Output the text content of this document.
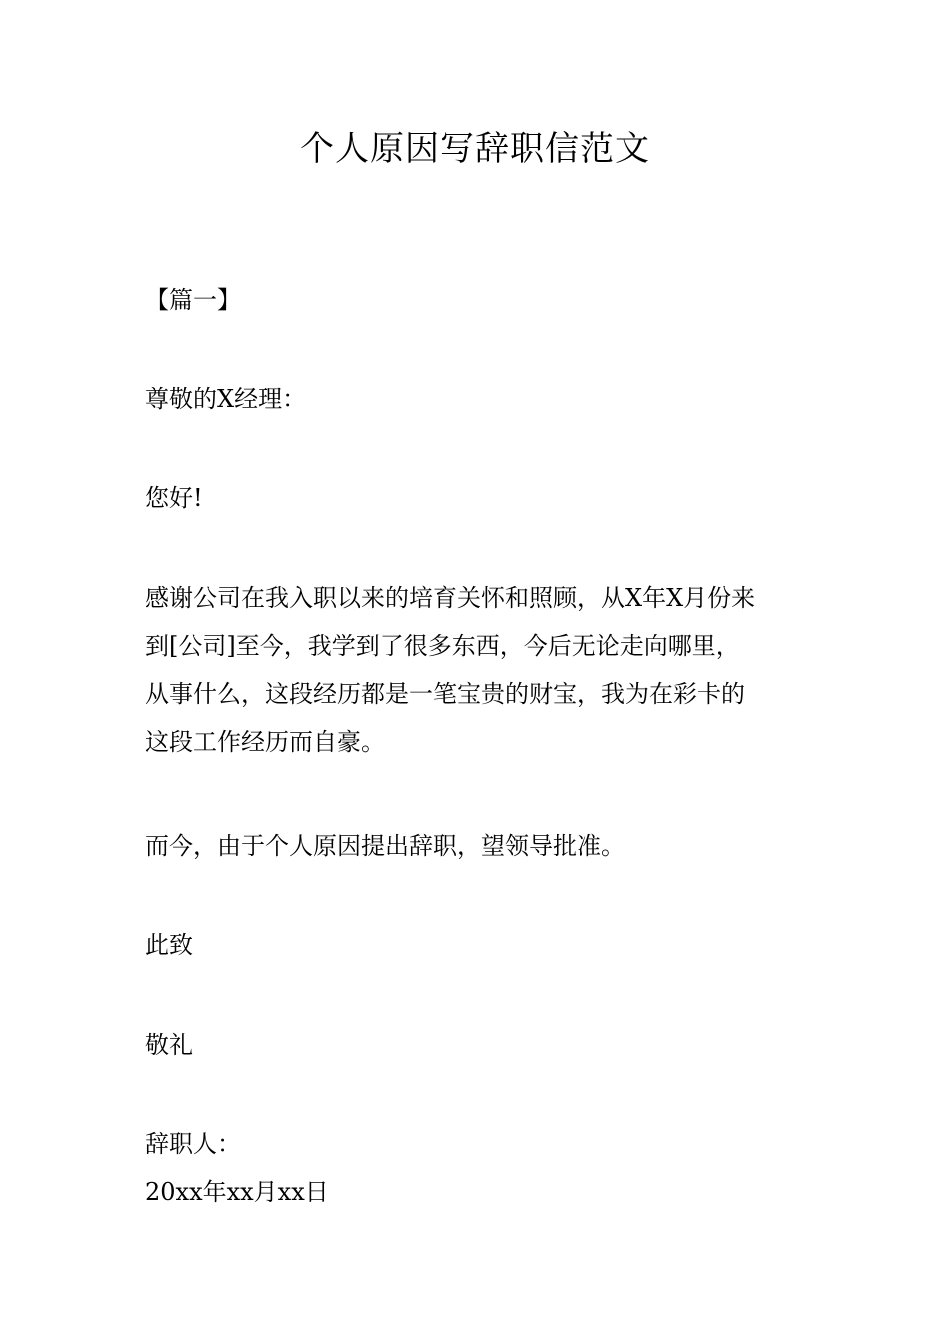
个人原因写辞职信范文
【篇一】
尊敬的X经理：
您好!
感谢公司在我入职以来的培育关怀和照顾，从X年X月份来
到[公司]至今，我学到了很多东西，今后无论走向哪里，
从事什么，这段经历都是一笔宝贵的财宝，我为在彩卡的
这段工作经历而自豪。
而今，由于个人原因提出辞职，望领导批准。
此致
敬礼
辞职人：
20xx年xx月xx日
